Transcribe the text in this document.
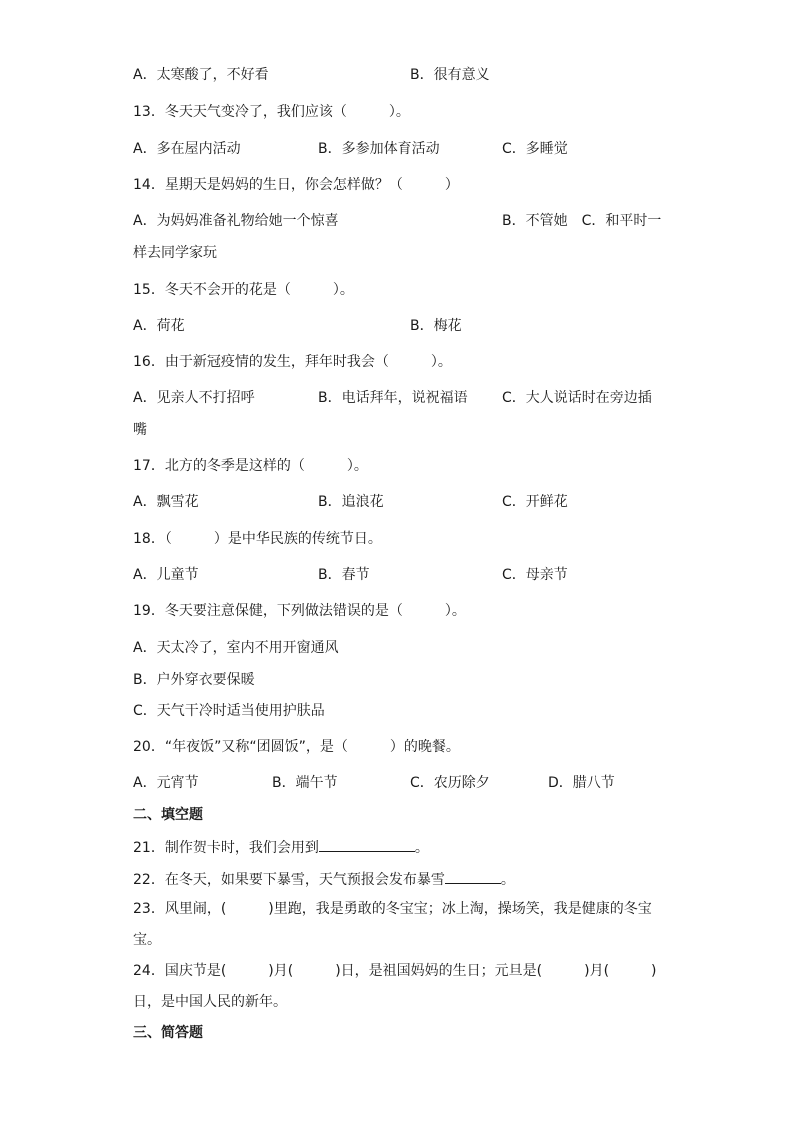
A．太寒酸了，不好看	B．很有意义
13．冬天天气变冷了，我们应该（　　　）。
A．多在屋内活动	B．多参加体育活动	C．多睡觉
14．星期天是妈妈的生日，你会怎样做？（　　　）
A．为妈妈准备礼物给她一个惊喜	B．不管她　C．和平时一
样去同学家玩
15．冬天不会开的花是（　　　）。
A．荷花	B．梅花
16．由于新冠疫情的发生，拜年时我会（　　　）。
A．见亲人不打招呼	B．电话拜年，说祝福语 C．大人说话时在旁边插
嘴
17．北方的冬季是这样的（　　　）。
A．飘雪花	B．追浪花	C．开鲜花
18．（　　　）是中华民族的传统节日。
A．儿童节	B．春节	C．母亲节
19．冬天要注意保健，下列做法错误的是（　　　）。
A．天太冷了，室内不用开窗通风
B．户外穿衣要保暖
C．天气干冷时适当使用护肤品
20．“年夜饭”又称“团圆饭”，是（　　　）的晚餐。
A．元宵节	B．端午节	C．农历除夕	D．腊八节
二、填空题
21．制作贺卡时，我们会用到	。
22．在冬天，如果要下暴雪，天气预报会发布暴雪	。
23．风里闹，(　　　)里跑，我是勇敢的冬宝宝；冰上淘，操场笑，我是健康的冬宝
宝。
24．国庆节是(　　　)月(　　　)日，是祖国妈妈的生日；元旦是(　　　)月(　　　)
日，是中国人民的新年。
三、简答题
